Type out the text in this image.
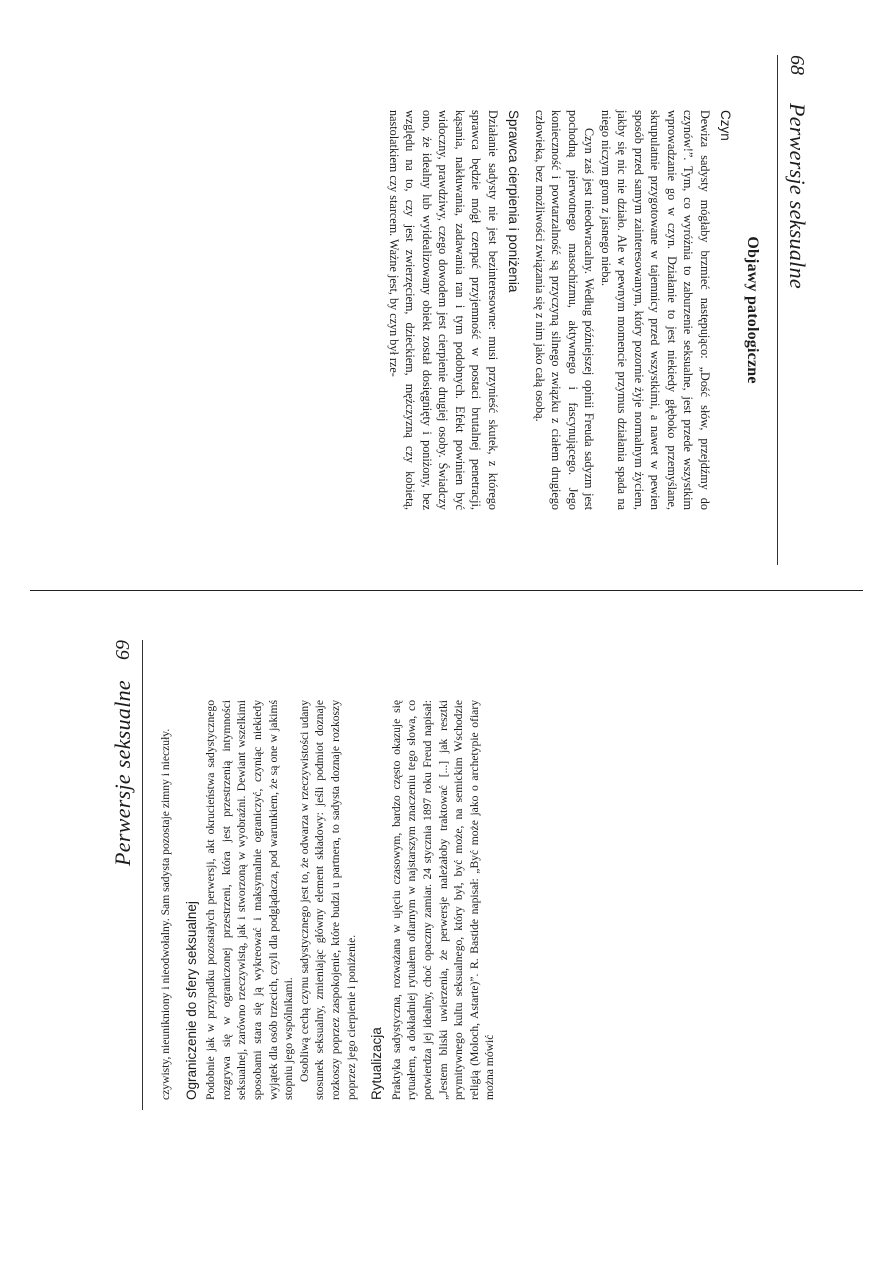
68
Perwersje seksualne
Objawy patologiczne
Czyn

Dewiza sadysty mógłaby brzmieć następująco: „Dość słów, przejdźmy do czynów!”. Tym, co wyróżnia to zaburzenie seksualne, jest przede wszystkim wprowadzanie go w czyn. Działanie to jest niekiedy głęboko przemyślane, skrupulatnie przygotowane w tajemnicy przed wszystkimi, a nawet w pewien sposób przed samym zainteresowanym, który pozornie żyje normalnym życiem, jakby się nic nie działo. Ale w pewnym momencie przymus działania spada na niego niczym grom z jasnego nieba.

Czyn zaś jest nieodwracalny. Według późniejszej opinii Freuda sadyzm jest pochodną pierwotnego masochizmu, aktywnego i fascynującego. Jego konieczność i powtarzalność są przyczyną silnego związku z ciałem drugiego człowieka, bez możliwości związania się z nim jako całą osobą.

Sprawca cierpienia i poniżenia

Działanie sadysty nie jest bezinteresowne: musi przynieść skutek, z którego sprawca będzie mógł czerpać przyjemność w postaci brutalnej penetracji, kąsania, nakłuwania, zadawania ran i tym podobnych. Efekt powinien być widoczny, prawdziwy, czego dowodem jest cierpienie drugiej osoby. Świadczy ono, że idealny lub wyidealizowany obiekt został dosięgnięty i poniżony, bez względu na to, czy jest zwierzęciem, dzieckiem, mężczyzną czy kobietą, nastolatkiem czy starcem. Ważne jest, by czyn był rze-

69
Perwersje seksualne czywisty, nieunikniony i nieodwołalny. Sam sadysta pozostaje zimny i nieczuły. Ograniczenie do sfery seksualnej Podobnie jak w przypadku pozostałych perwersji, akt okrucieństwa sadystycznego rozgrywa się w ograniczonej przestrzeni, która jest przestrzenią intymności seksualnej, zarówno rzeczywistą, jak i stworzoną w wyobraźni. Dewiant wszelkimi sposobami stara się ją wykreować i maksymalnie ograniczyć, czyniąc niekiedy wyjątek dla osób trzecich, czyli dla podglądacza, pod warunkiem, że są one w jakimś stopniu jego wspólnikami. Osobliwą cechą czynu sadystycznego jest to, że odwarza w rzeczywistości udany stosunek seksualny, zmieniając główny element składowy: jeśli podmiot doznaje rozkoszy poprzez zaspokojenie, które budzi u partnera, to sadysta doznaje rozkoszy poprzez jego cierpienie i poniżenie. Rytualizacja Praktyka sadystyczna, rozważana w ujęciu czasowym, bardzo często okazuje się rytuałem, a dokładniej rytuałem ofiarnym w najstarszym znaczeniu tego słowa, co potwierdza jej idealny, choć opaczny zamiar. 24 stycznia 1897 roku Freud napisał: „Jestem bliski uwierzenia, że perwersje należałoby traktować [...] jak resztki prymitywnego kultu seksualnego, który był, być może, na semickim Wschodzie religią (Moloch, Astarte)”. R. Bastide napisał: „Być może jako o archetypie ofiary można mówić
